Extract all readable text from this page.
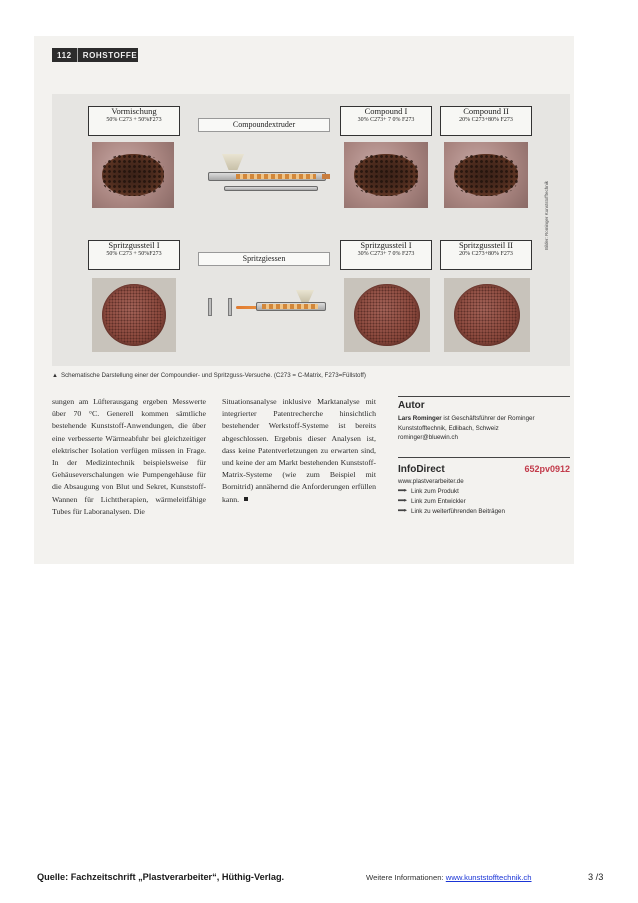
112	ROHSTOFFE
Vormischung
50% C273 + 50%F273
Compoundextruder
Compound I
30% C273+ 7 0% F273
Compound II
20% C273+80% F273
Spritzgussteil I
50% C273 + 50%F273
Spritzgiessen
Spritzgussteil I
30% C273+ 7 0% F273
Spritzgussteil II
20% C273+80% F273
Bilder: Rominger Kunststofftechnik
▲ Schematische Darstellung einer der Compoundier- und Spritzguss-Versuche. (C273 = C-Matrix, F273=Füllstoff)

sungen am Lüfterausgang ergeben Messwerte über 70 °C. Generell kommen sämtliche bestehende Kunststoff-Anwendungen, die über eine verbesserte Wärmeabfuhr bei gleichzeitiger elektrischer Isolation verfügen müssen in Frage. In der Medizintechnik beispielsweise für Gehäuseverschalungen wie Pumpengehäuse für die Absaugung von Blut und Sekret, Kunststoff-Wannen für Lichttherapien, wärmeleitfähige Tubes für Laboranalysen. Die

Situationsanalyse inklusive Marktanalyse mit integrierter Patentrecherche hinsichtlich bestehender Werkstoff-Systeme ist bereits abgeschlossen. Ergebnis dieser Analysen ist, dass keine Patentverletzungen zu erwarten sind, und keine der am Markt bestehenden Kunststoff-Matrix-Systeme (wie zum Beispiel mit Bornitrid) annähernd die Anforderungen erfüllen kann.

Autor
Lars Rominger ist Geschäftsführer der Rominger Kunststofftechnik, Edlibach, Schweiz
rominger@bluewin.ch
InfoDirect	652pv0912
www.plastverarbeiter.de
Link zum Produkt
Link zum Entwickler
Link zu weiterführenden Beiträgen
Quelle: Fachzeitschrift „Plastverarbeiter“, Hüthig-Verlag.	Weitere Informationen: www.kunststofftechnik.ch	3 /3
